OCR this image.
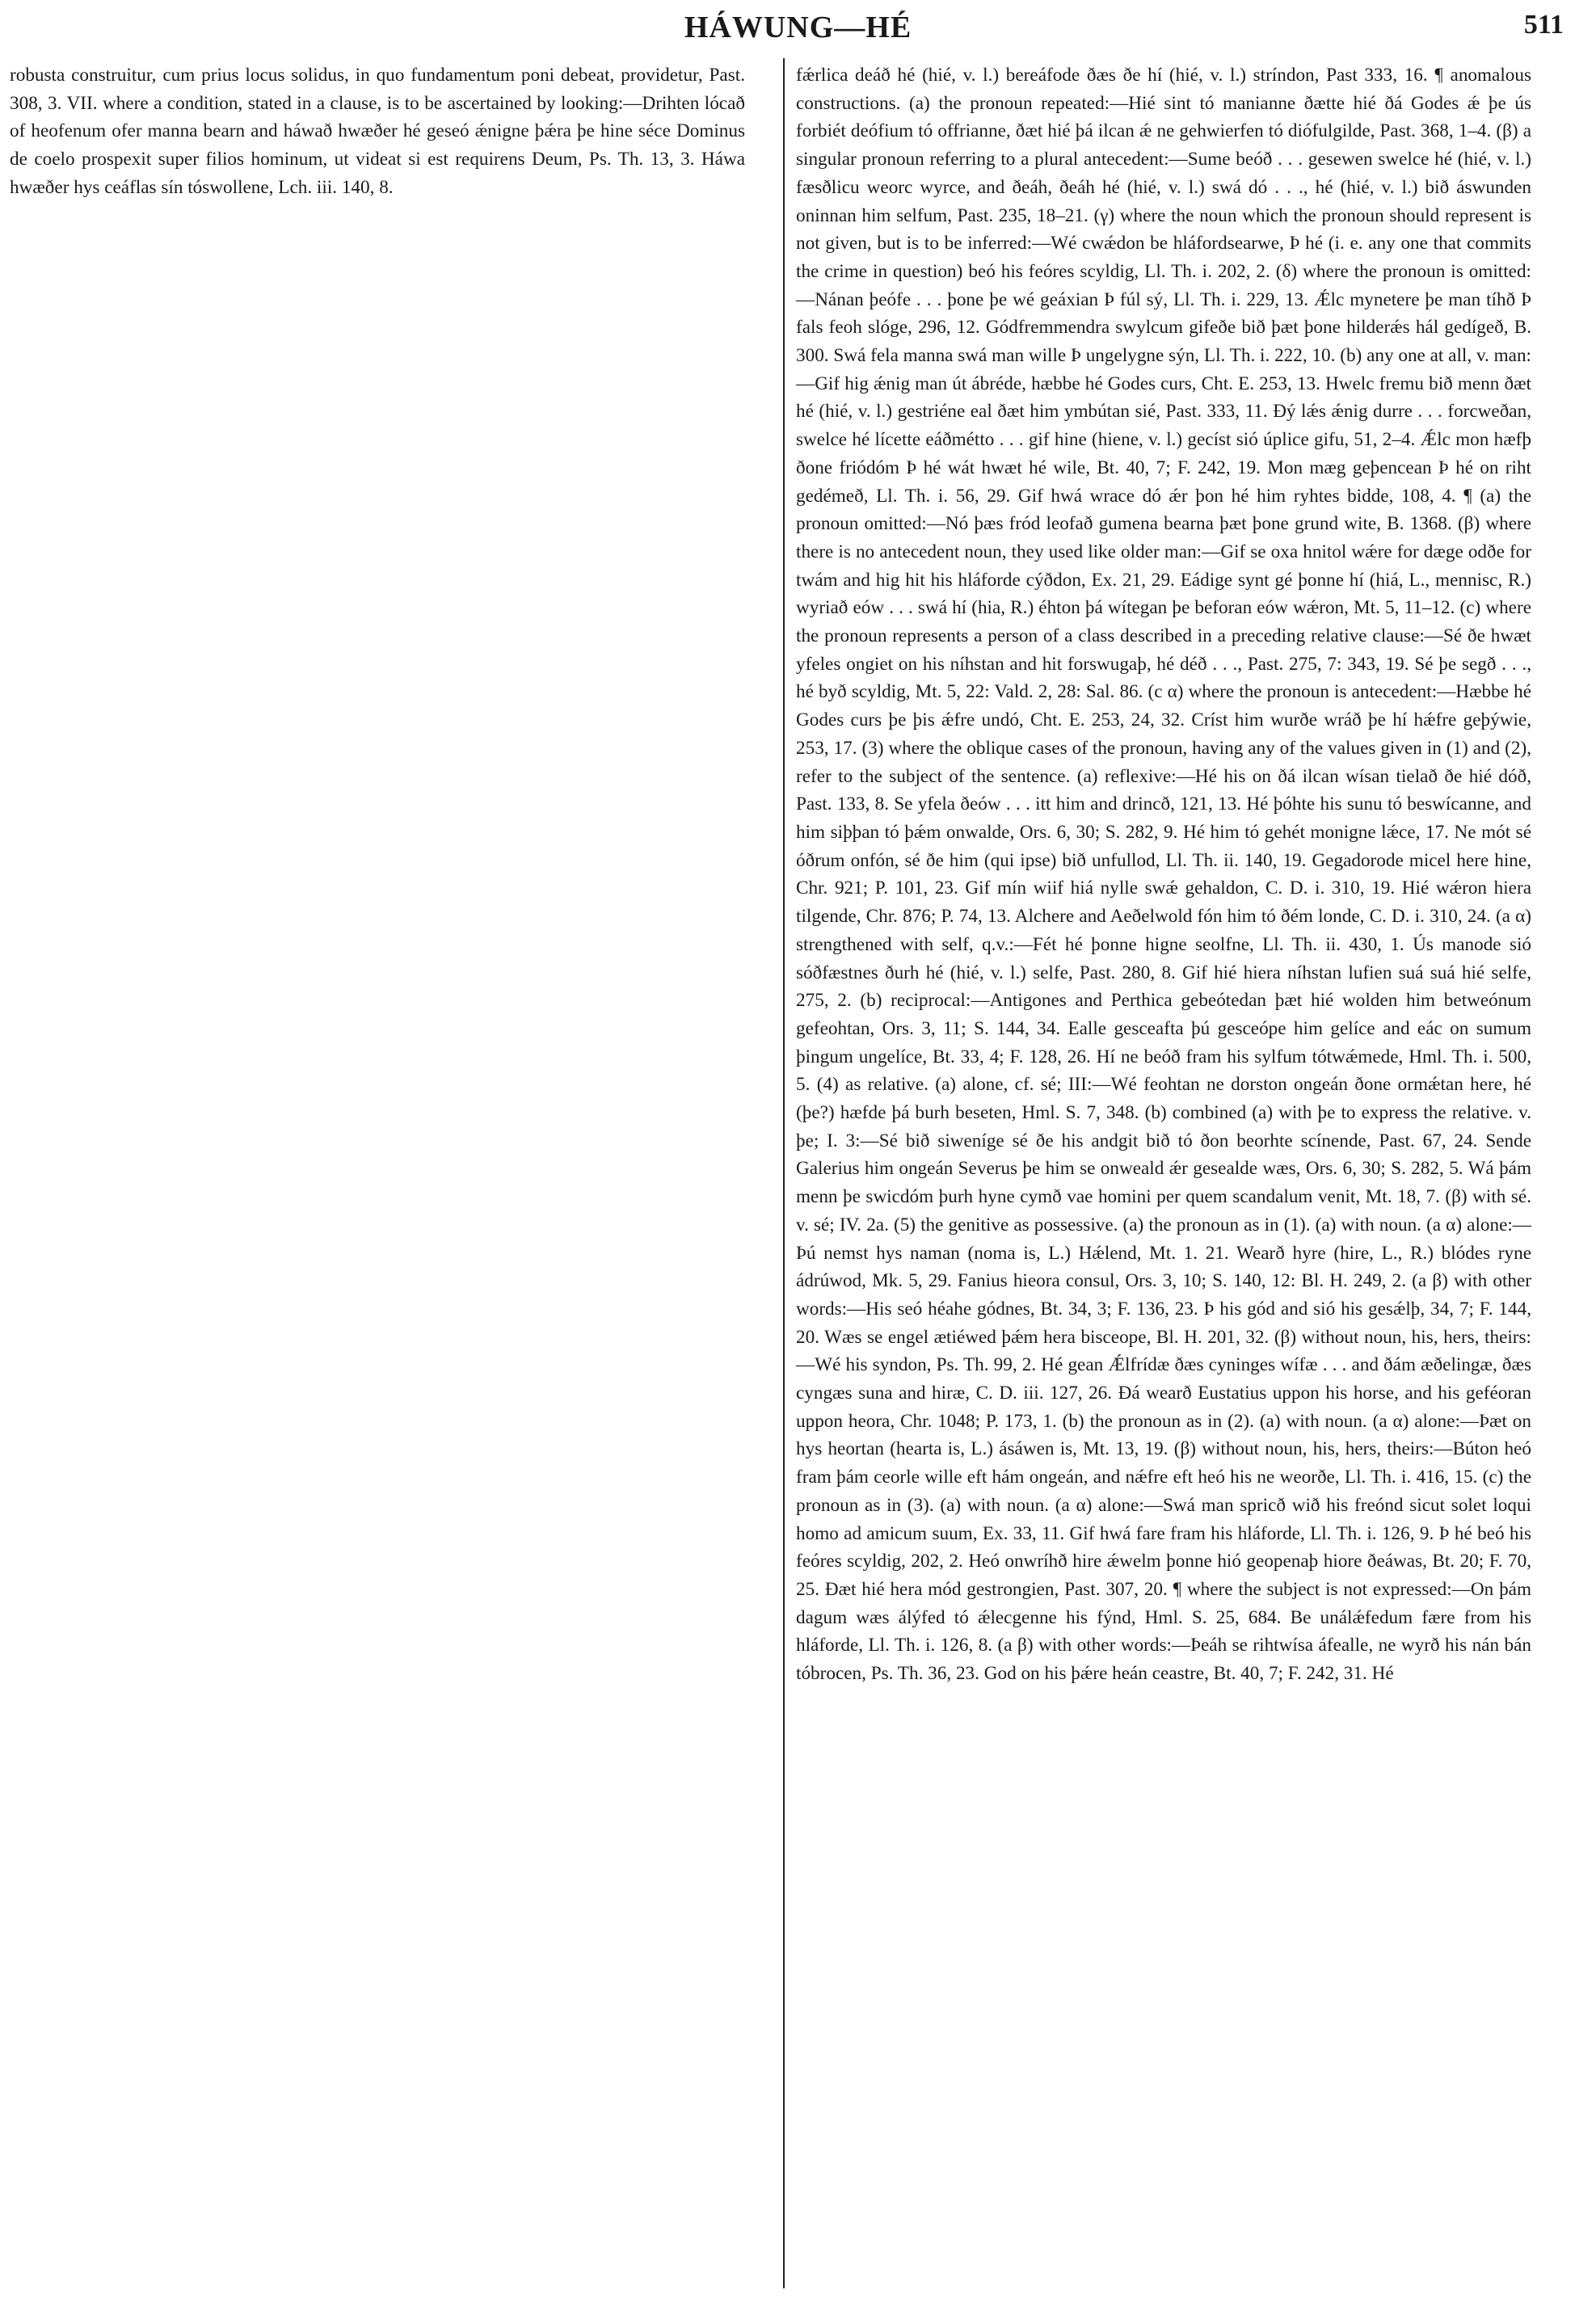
HÁWUNG—HÉ	511

robusta construitur, cum prius locus solidus, in quo fundamentum poni debeat, providetur, Past. 308, 3. VII. where a condition, stated in a clause, is to be ascertained by looking:—Drihten lócað of heofenum ofer manna bearn and háwað hwæðer hé geseó ǽnigne þǽra þe hine séce Dominus de coelo prospexit super filios hominum, ut videat si est requirens Deum, Ps. Th. 13, 3. Háwa hwæðer hys ceáflas sín tóswollene, Lch. iii. 140, 8.

fǽrlica deáð hé (hié, v. l.) bereáfode ðæs ðe hí (hié, v. l.) stríndon, Past 333, 16. ¶ anomalous constructions. (a) the pronoun repeated:—Hié sint tó manianne ðætte hié ðá Godes ǽ þe ús forbiét deófium tó offrianne, ðæt hié þá ilcan ǽ ne gehwierfen tó diófulgilde, Past. 368, 1–4. (β) a singular pronoun referring to a plural antecedent:—Sume beóð . . . gesewen swelce hé (hié, v. l.) fæsðlicu weorc wyrce, and ðeáh, ðeáh hé (hié, v. l.) swá dó . . ., hé (hié, v. l.) bið áswunden oninnan him selfum, Past. 235, 18–21. (γ) where the noun which the pronoun should represent is not given, but is to be inferred:—Wé cwǽdon be hláfordsearwe, Þ hé (i. e. any one that commits the crime in question) beó his feóres scyldig, Ll. Th. i. 202, 2. (δ) where the pronoun is omitted:—Nánan þeófe . . . þone þe wé geáxian Þ fúl sý, Ll. Th. i. 229, 13. Ǽlc mynetere þe man tíhð Þ fals feoh slóge, 296, 12. Gódfremmendra swylcum gifeðe bið þæt þone hilderǽs hál gedígeð, B. 300. Swá fela manna swá man wille Þ ungelygne sýn, Ll. Th. i. 222, 10. (b) any one at all, v. man:—Gif hig ǽnig man út ábréde, hæbbe hé Godes curs, Cht. E. 253, 13. Hwelc fremu bið menn ðæt hé (hié, v. l.) gestriéne eal ðæt him ymbútan sié, Past. 333, 11. Ðý lǽs ǽnig durre . . . forcweðan, swelce hé lícette eáðmétto . . . gif hine (hiene, v. l.) gecíst sió úplice gifu, 51, 2–4. Ǽlc mon hæfþ ðone friódóm Þ hé wát hwæt hé wile, Bt. 40, 7; F. 242, 19. Mon mæg geþencean Þ hé on riht gedémeð, Ll. Th. i. 56, 29. Gif hwá wrace dó ǽr þon hé him ryhtes bidde, 108, 4. ¶ (a) the pronoun omitted:—Nó þæs fród leofað gumena bearna þæt þone grund wite, B. 1368. (β) where there is no antecedent noun, they used like older man:—Gif se oxa hnitol wǽre for dæge odðe for twám and hig hit his hláforde cýðdon, Ex. 21, 29. Eádige synt gé þonne hí (hiá, L., mennisc, R.) wyriað eów . . . swá hí (hia, R.) éhton þá wítegan þe beforan eów wǽron, Mt. 5, 11–12. (c) where the pronoun represents a person of a class described in a preceding relative clause:—Sé ðe hwæt yfeles ongiet on his níhstan and hit forswugaþ, hé déð . . ., Past. 275, 7: 343, 19. Sé þe segð . . ., hé byð scyldig, Mt. 5, 22: Vald. 2, 28: Sal. 86. (c α) where the pronoun is antecedent:—Hæbbe hé Godes curs þe þis ǽfre undó, Cht. E. 253, 24, 32. Críst him wurðe wráð þe hí hǽfre geþýwie, 253, 17. (3) where the oblique cases of the pronoun, having any of the values given in (1) and (2), refer to the subject of the sentence. (a) reflexive:—Hé his on ðá ilcan wísan tielað ðe hié dóð, Past. 133, 8. Se yfela ðeów . . . itt him and drincð, 121, 13. Hé þóhte his sunu tó beswícanne, and him siþþan tó þǽm onwalde, Ors. 6, 30; S. 282, 9. Hé him tó gehét monigne lǽce, 17. Ne mót sé óðrum onfón, sé ðe him (qui ipse) bið unfullod, Ll. Th. ii. 140, 19. Gegadorode micel here hine, Chr. 921; P. 101, 23. Gif mín wiif hiá nylle swǽ gehaldon, C. D. i. 310, 19. Hié wǽron hiera tilgende, Chr. 876; P. 74, 13. Alchere and Aeðelwold fón him tó ðém londe, C. D. i. 310, 24. (a α) strengthened with self, q.v.:—Fét hé þonne higne seolfne, Ll. Th. ii. 430, 1. Ús manode sió sóðfæstnes ðurh hé (hié, v. l.) selfe, Past. 280, 8. Gif hié hiera níhstan lufien suá suá hié selfe, 275, 2. (b) reciprocal:—Antigones and Perthica gebeótedan þæt hié wolden him betweónum gefeohtan, Ors. 3, 11; S. 144, 34. Ealle gesceafta þú gesceópe him gelíce and eác on sumum þingum ungelíce, Bt. 33, 4; F. 128, 26. Hí ne beóð fram his sylfum tótwǽmede, Hml. Th. i. 500, 5. (4) as relative. (a) alone, cf. sé; III:—Wé feohtan ne dorston ongeán ðone ormǽtan here, hé (þe?) hæfde þá burh beseten, Hml. S. 7, 348. (b) combined (a) with þe to express the relative. v. þe; I. 3:—Sé bið siwenígе sé ðe his andgit bið tó ðon beorhte scínende, Past. 67, 24. Sende Galerius him ongeán Severus þe him se onweald ǽr gesealde wæs, Ors. 6, 30; S. 282, 5. Wá þám menn þe swicdóm þurh hyne cymð vae homini per quem scandalum venit, Mt. 18, 7. (β) with sé. v. sé; IV. 2a. (5) the genitive as possessive. (a) the pronoun as in (1). (a) with noun. (a α) alone:—Þú nemst hys naman (noma is, L.) Hǽlend, Mt. 1. 21. Wearð hyre (hire, L., R.) blódes ryne ádrúwod, Mk. 5, 29. Fanius hieora consul, Ors. 3, 10; S. 140, 12: Bl. H. 249, 2. (a β) with other words:—His seó héahe gódnes, Bt. 34, 3; F. 136, 23. Þ his gód and sió his gesǽlþ, 34, 7; F. 144, 20. Wæs se engel ætiéwed þǽm hera bisceope, Bl. H. 201, 32. (β) without noun, his, hers, theirs:—Wé his syndon, Ps. Th. 99, 2. Hé gean Ǽlfrídæ ðæs cyninges wífæ . . . and ðám æðelingæ, ðæs cyngæs suna and hiræ, C. D. iii. 127, 26. Ðá wearð Eustatius uppon his horse, and his geféoran uppon heora, Chr. 1048; P. 173, 1. (b) the pronoun as in (2). (a) with noun. (a α) alone:—Þæt on hys heortan (hearta is, L.) ásáwen is, Mt. 13, 19. (β) without noun, his, hers, theirs:—Búton heó fram þám ceorle wille eft hám ongeán, and nǽfre eft heó his ne weorðe, Ll. Th. i. 416, 15. (c) the pronoun as in (3). (a) with noun. (a α) alone:—Swá man spricð wið his freónd sicut solet loqui homo ad amicum suum, Ex. 33, 11. Gif hwá fare fram his hláforde, Ll. Th. i. 126, 9. Þ hé beó his feóres scyldig, 202, 2. Heó onwríhð hire ǽwelm þonne hió geopenaþ hiore ðeáwas, Bt. 20; F. 70, 25. Ðæt hié hera mód gestrongien, Past. 307, 20. ¶ where the subject is not expressed:—On þám dagum wæs álýfed tó ǽlecgenne his fýnd, Hml. S. 25, 684. Be unálǽfedum fære from his hláforde, Ll. Th. i. 126, 8. (a β) with other words:—Þeáh se rihtwísa áfealle, ne wyrð his nán bán tóbrocen, Ps. Th. 36, 23. God on his þǽre heán ceastre, Bt. 40, 7; F. 242, 31. Hé
